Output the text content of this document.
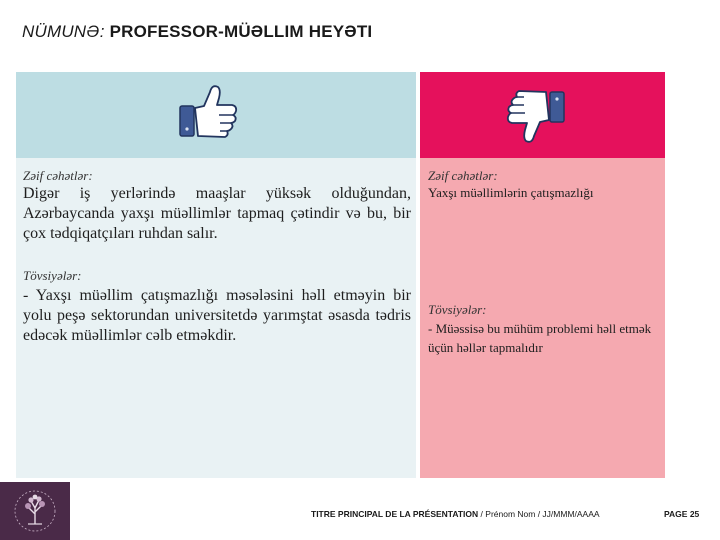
NÜMUNƏ: PROFESSOR-MÜƏLLIM HEYƏTI
Zəif cəhətlər:
Digər iş yerlərində maaşlar yüksək olduğundan, Azərbaycanda yaxşı müəllimlər tapmaq çətindir və bu, bir çox tədqiqatçıları ruhdan salır.
Tövsiyələr:
- Yaxşı müəllim çatışmazlığı məsələsini həll etməyin bir yolu peşə sektorundan universitetdə yarımştat əsasda tədris edəcək müəllimlər cəlb etməkdir.
Zəif cəhətlər:
Yaxşı müəllimlərin çatışmazlığı
Tövsiyələr:
- Müəssisə bu mühüm problemi həll etmək üçün həllər tapmalıdır
TITRE PRINCIPAL DE LA PRÉSENTATION / Prénom Nom / JJ/MMM/AAAA	PAGE 25
